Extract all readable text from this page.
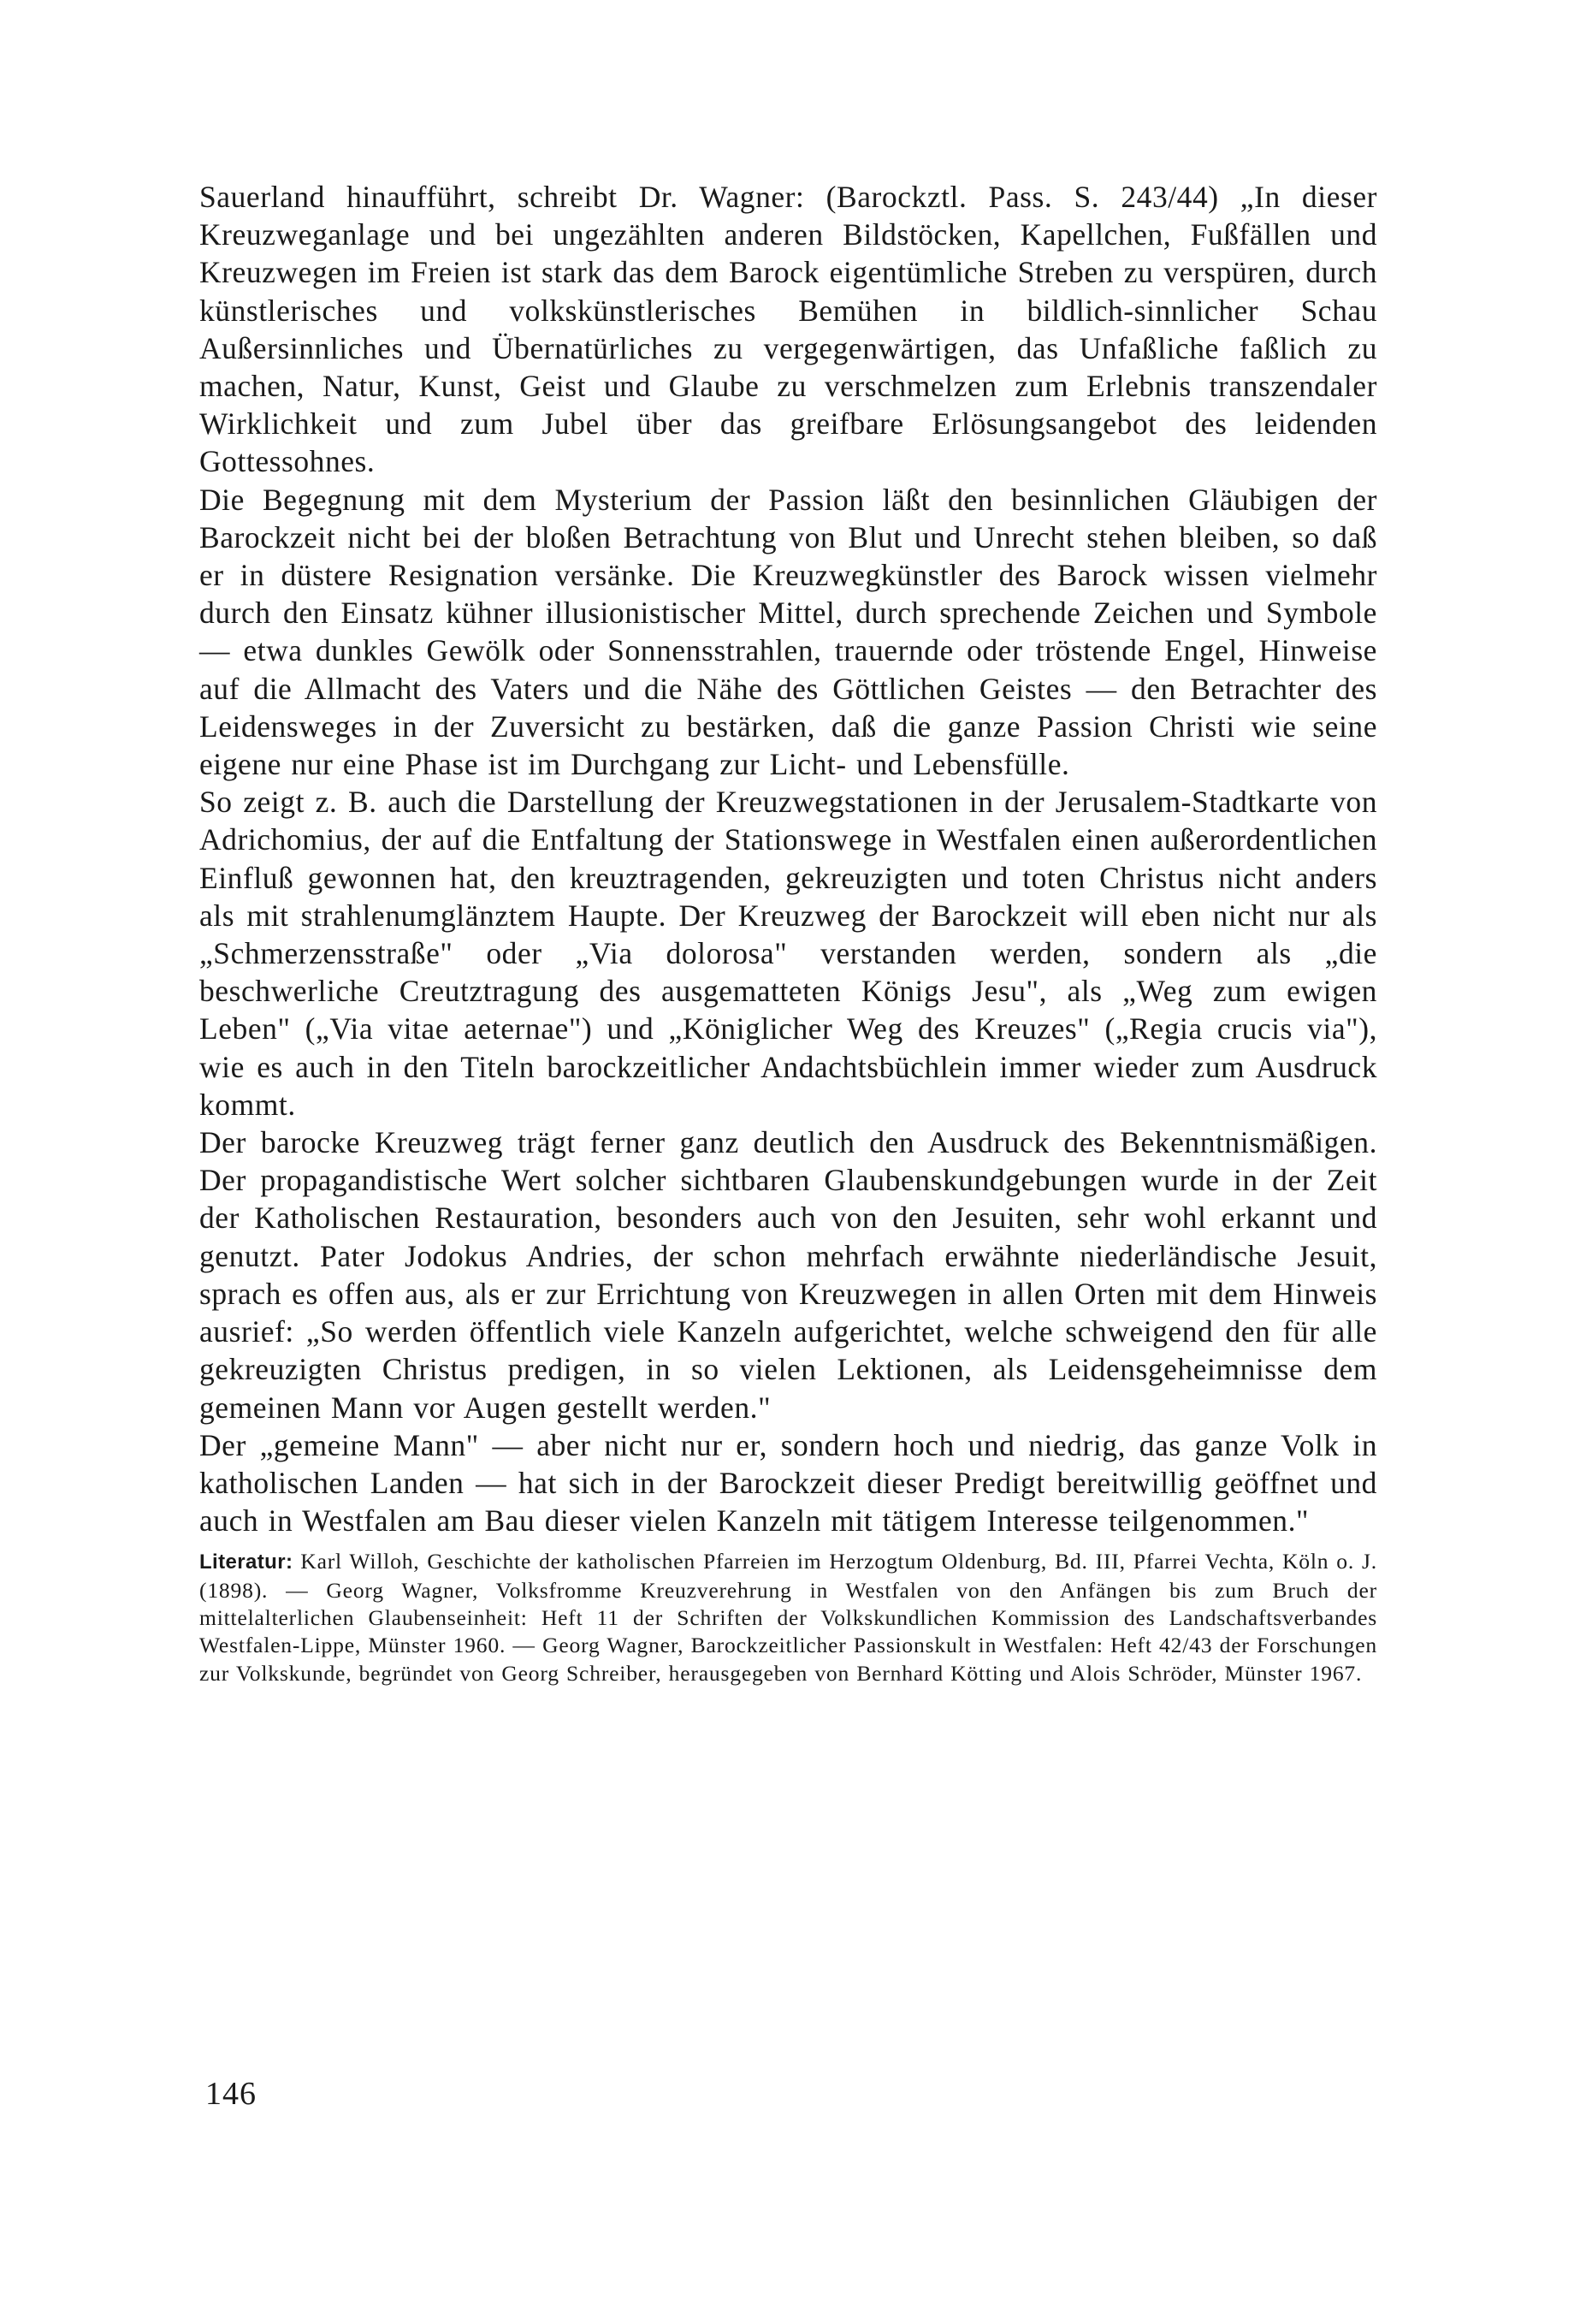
Sauerland hinaufführt, schreibt Dr. Wagner: (Barockztl. Pass. S. 243/44) „In dieser Kreuzweganlage und bei ungezählten anderen Bildstöcken, Kapellchen, Fußfällen und Kreuzwegen im Freien ist stark das dem Barock eigentümliche Streben zu verspüren, durch künstlerisches und volkskünstlerisches Bemühen in bildlich-sinnlicher Schau Außersinnliches und Übernatürliches zu vergegenwärtigen, das Unfaßliche faßlich zu machen, Natur, Kunst, Geist und Glaube zu verschmelzen zum Erlebnis transzendaler Wirklichkeit und zum Jubel über das greifbare Erlösungsangebot des leidenden Gottessohnes.

Die Begegnung mit dem Mysterium der Passion läßt den besinnlichen Gläubigen der Barockzeit nicht bei der bloßen Betrachtung von Blut und Unrecht stehen bleiben, so daß er in düstere Resignation versänke. Die Kreuzwegkünstler des Barock wissen vielmehr durch den Einsatz kühner illusionistischer Mittel, durch sprechende Zeichen und Symbole — etwa dunkles Gewölk oder Sonnensstrahlen, trauernde oder tröstende Engel, Hinweise auf die Allmacht des Vaters und die Nähe des Göttlichen Geistes — den Betrachter des Leidensweges in der Zuversicht zu bestärken, daß die ganze Passion Christi wie seine eigene nur eine Phase ist im Durchgang zur Licht- und Lebensfülle.

So zeigt z. B. auch die Darstellung der Kreuzwegstationen in der Jerusalem-Stadtkarte von Adrichomius, der auf die Entfaltung der Stationswege in Westfalen einen außerordentlichen Einfluß gewonnen hat, den kreuztragenden, gekreuzigten und toten Christus nicht anders als mit strahlenumglänztem Haupte. Der Kreuzweg der Barockzeit will eben nicht nur als „Schmerzensstraße" oder „Via dolorosa" verstanden werden, sondern als „die beschwerliche Creutztragung des ausgematteten Königs Jesu", als „Weg zum ewigen Leben" („Via vitae aeternae") und „Königlicher Weg des Kreuzes" („Regia crucis via"), wie es auch in den Titeln barockzeitlicher Andachtsbüchlein immer wieder zum Ausdruck kommt.

Der barocke Kreuzweg trägt ferner ganz deutlich den Ausdruck des Bekenntnismäßigen. Der propagandistische Wert solcher sichtbaren Glaubenskundgebungen wurde in der Zeit der Katholischen Restauration, besonders auch von den Jesuiten, sehr wohl erkannt und genutzt. Pater Jodokus Andries, der schon mehrfach erwähnte niederländische Jesuit, sprach es offen aus, als er zur Errichtung von Kreuzwegen in allen Orten mit dem Hinweis ausrief: „So werden öffentlich viele Kanzeln aufgerichtet, welche schweigend den für alle gekreuzigten Christus predigen, in so vielen Lektionen, als Leidensgeheimnisse dem gemeinen Mann vor Augen gestellt werden."

Der „gemeine Mann" — aber nicht nur er, sondern hoch und niedrig, das ganze Volk in katholischen Landen — hat sich in der Barockzeit dieser Predigt bereitwillig geöffnet und auch in Westfalen am Bau dieser vielen Kanzeln mit tätigem Interesse teilgenommen."

Literatur: Karl Willoh, Geschichte der katholischen Pfarreien im Herzogtum Oldenburg, Bd. III, Pfarrei Vechta, Köln o. J. (1898). — Georg Wagner, Volksfromme Kreuzverehrung in Westfalen von den Anfängen bis zum Bruch der mittelalterlichen Glaubenseinheit: Heft 11 der Schriften der Volkskundlichen Kommission des Landschaftsverbandes Westfalen-Lippe, Münster 1960. — Georg Wagner, Barockzeitlicher Passionskult in Westfalen: Heft 42/43 der Forschungen zur Volkskunde, begründet von Georg Schreiber, herausgegeben von Bernhard Kötting und Alois Schröder, Münster 1967.

146
